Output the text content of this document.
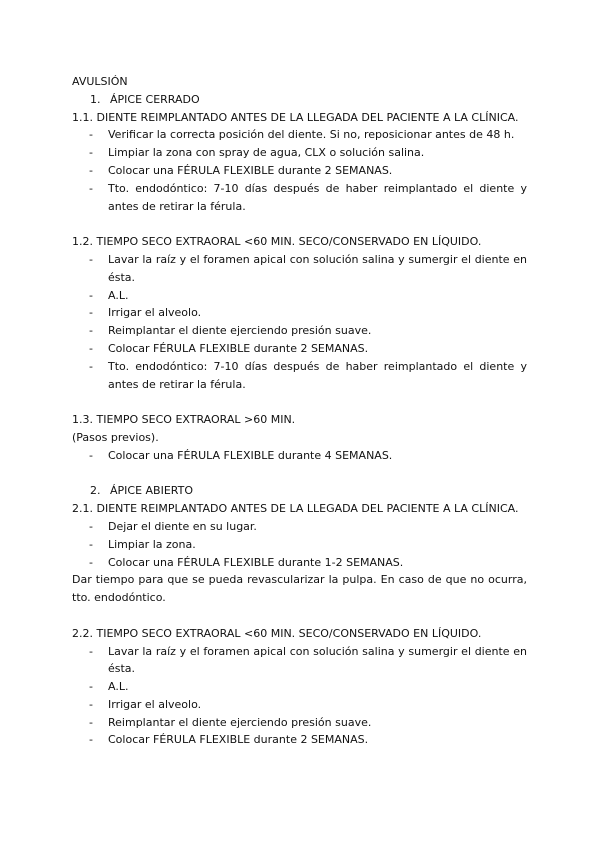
AVULSIÓN

1. ÁPICE CERRADO

1.1. DIENTE REIMPLANTADO ANTES DE LA LLEGADA DEL PACIENTE A LA CLÍNICA.

- Verificar la correcta posición del diente. Si no, reposicionar antes de 48 h.
- Limpiar la zona con spray de agua, CLX o solución salina.
- Colocar una FÉRULA FLEXIBLE durante 2 SEMANAS.
- Tto. endodóntico: 7-10 días después de haber reimplantado el diente y antes de retirar la férula.

1.2. TIEMPO SECO EXTRAORAL <60 MIN. SECO/CONSERVADO EN LÍQUIDO.

- Lavar la raíz y el foramen apical con solución salina y sumergir el diente en ésta.
- A.L.
- Irrigar el alveolo.
- Reimplantar el diente ejerciendo presión suave.
- Colocar FÉRULA FLEXIBLE durante 2 SEMANAS.
- Tto. endodóntico: 7-10 días después de haber reimplantado el diente y antes de retirar la férula.

1.3. TIEMPO SECO EXTRAORAL >60 MIN.

(Pasos previos).

- Colocar una FÉRULA FLEXIBLE durante 4 SEMANAS.

2. ÁPICE ABIERTO

2.1. DIENTE REIMPLANTADO ANTES DE LA LLEGADA DEL PACIENTE A LA CLÍNICA.

- Dejar el diente en su lugar.
- Limpiar la zona.
- Colocar una FÉRULA FLEXIBLE durante 1-2 SEMANAS.

Dar tiempo para que se pueda revascularizar la pulpa. En caso de que no ocurra, tto. endodóntico.

2.2. TIEMPO SECO EXTRAORAL <60 MIN. SECO/CONSERVADO EN LÍQUIDO.

- Lavar la raíz y el foramen apical con solución salina y sumergir el diente en ésta.
- A.L.
- Irrigar el alveolo.
- Reimplantar el diente ejerciendo presión suave.
- Colocar FÉRULA FLEXIBLE durante 2 SEMANAS.
